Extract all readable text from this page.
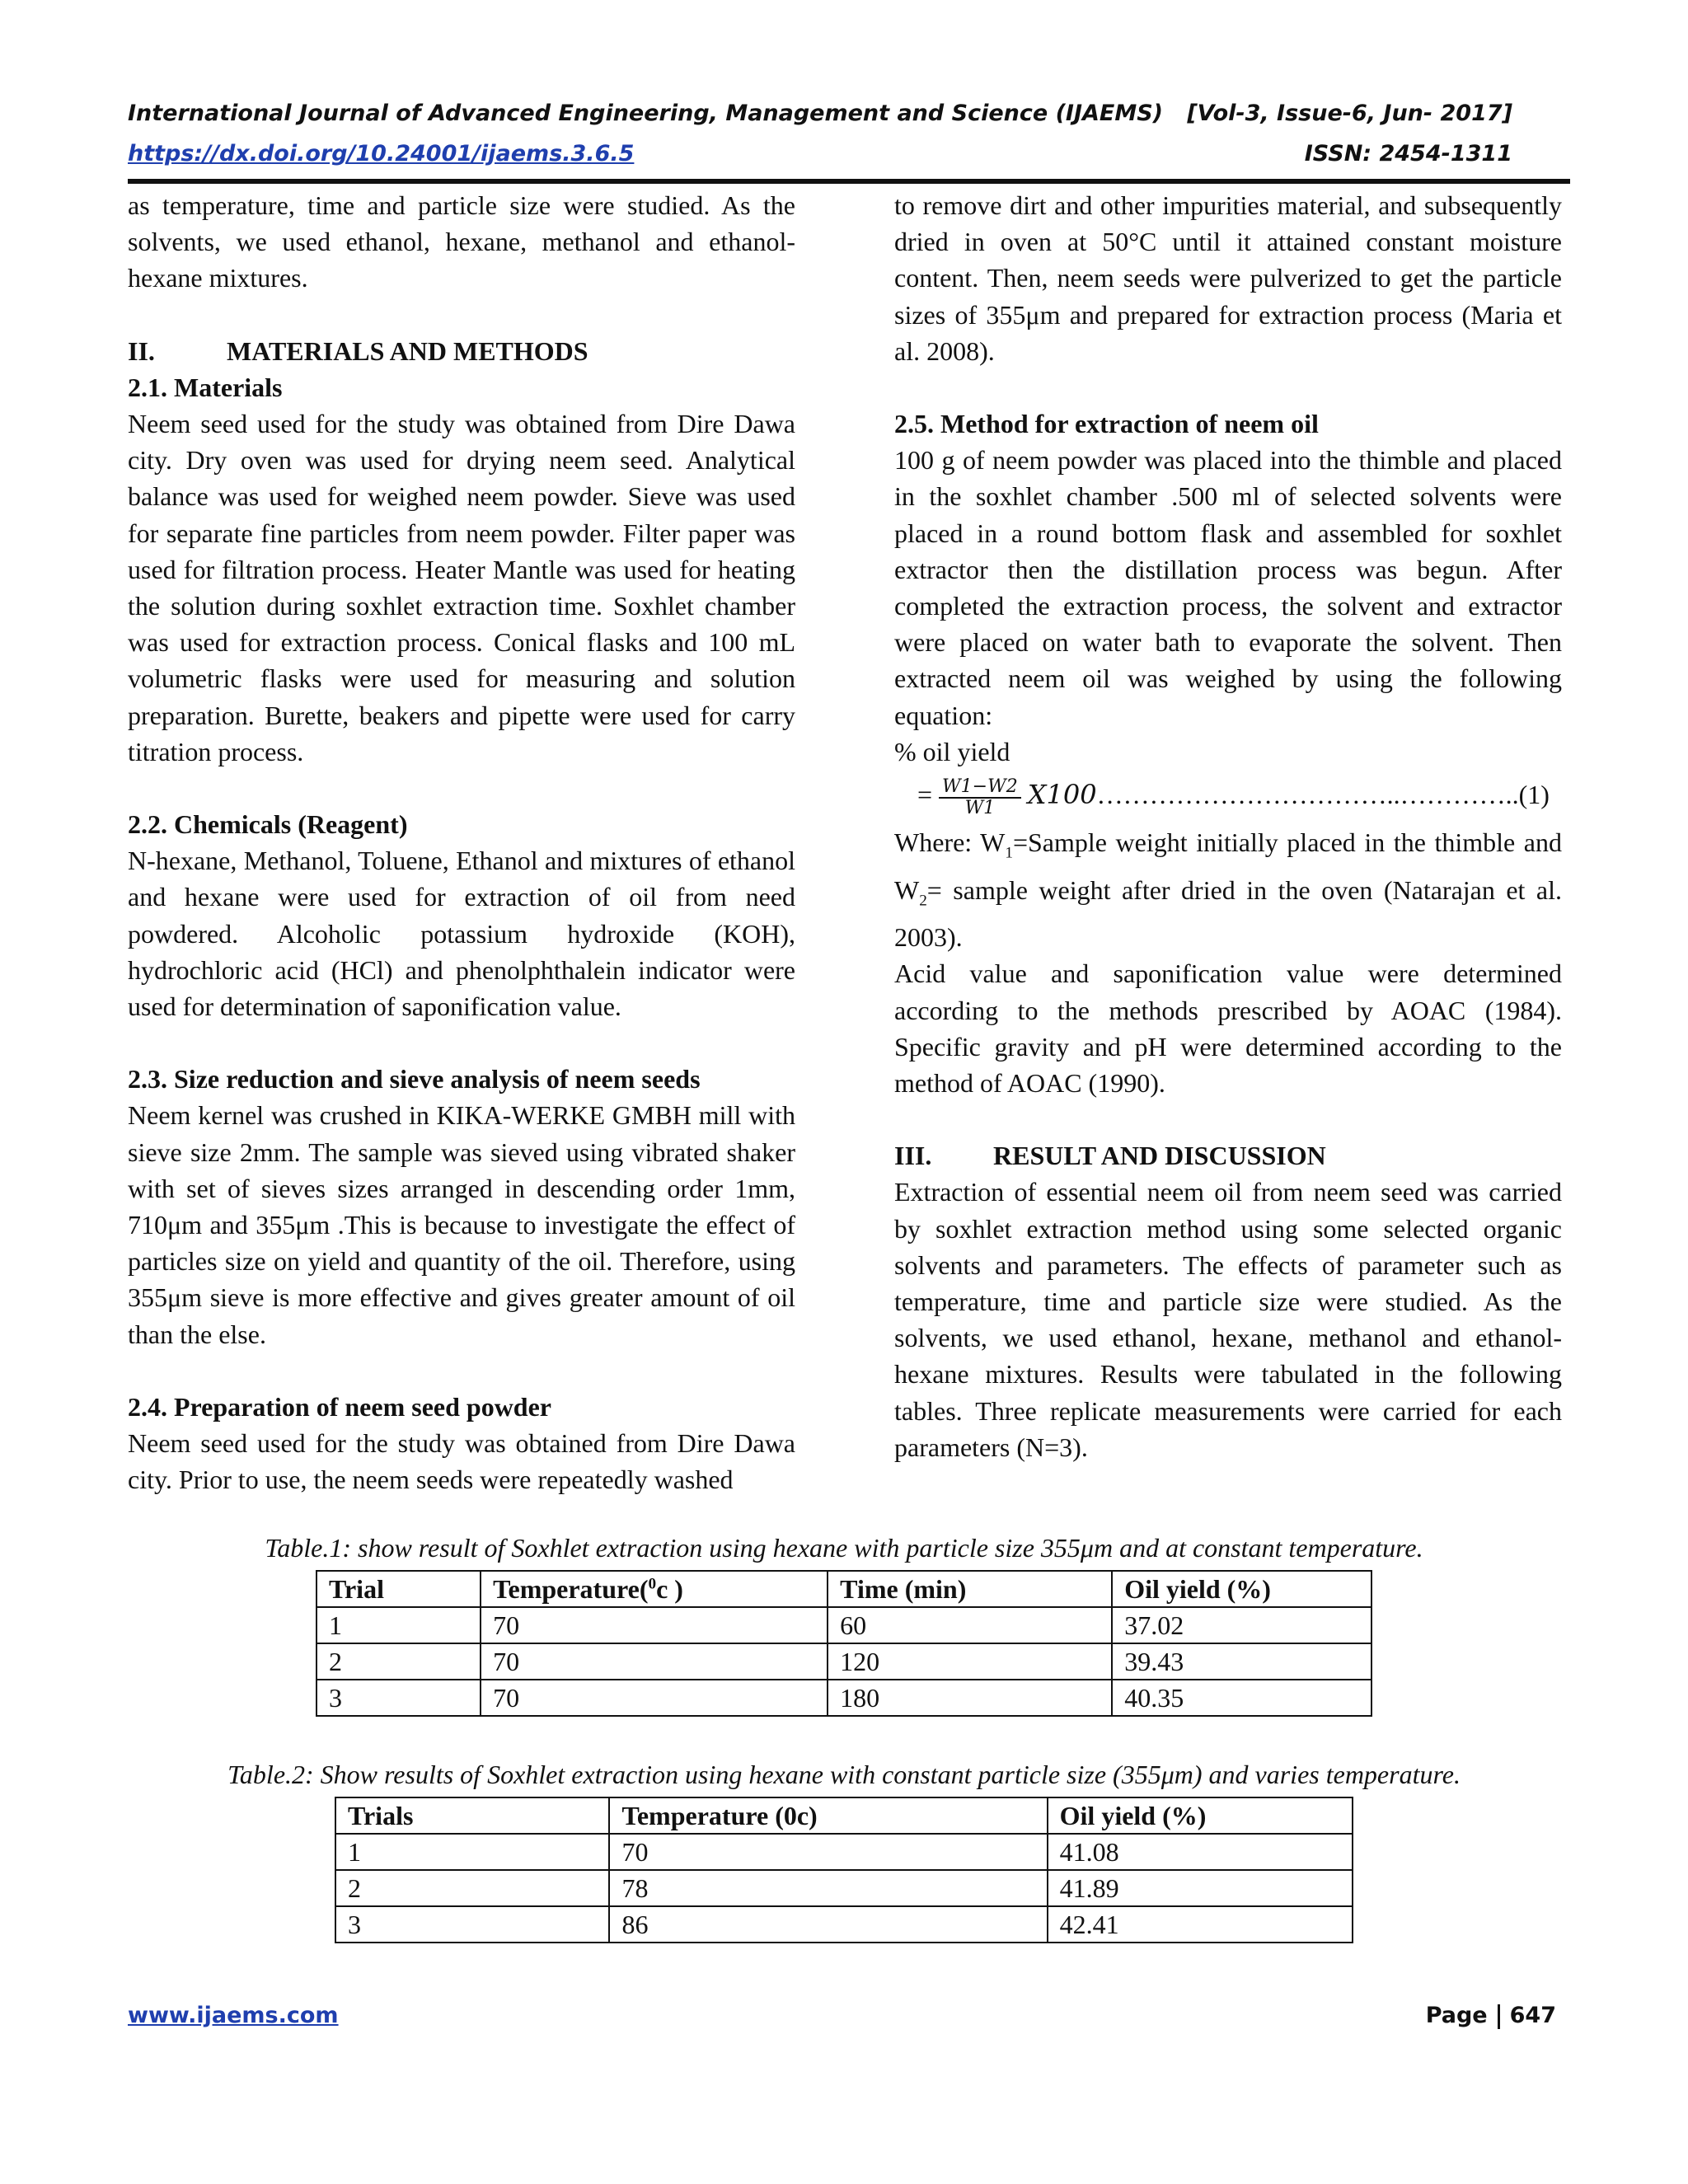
International Journal of Advanced Engineering, Management and Science (IJAEMS) [Vol-3, Issue-6, Jun- 2017]
https://dx.doi.org/10.24001/ijaems.3.6.5	ISSN: 2454-1311

as temperature, time and particle size were studied. As the solvents, we used ethanol, hexane, methanol and ethanol-hexane mixtures.

II.	MATERIALS AND METHODS

2.1. Materials

Neem seed used for the study was obtained from Dire Dawa city. Dry oven was used for drying neem seed. Analytical balance was used for weighed neem powder. Sieve was used for separate fine particles from neem powder. Filter paper was used for filtration process. Heater Mantle was used for heating the solution during soxhlet extraction time. Soxhlet chamber was used for extraction process. Conical flasks and 100 mL volumetric flasks were used for measuring and solution preparation. Burette, beakers and pipette were used for carry titration process.

2.2. Chemicals (Reagent)

N-hexane, Methanol, Toluene, Ethanol and mixtures of ethanol and hexane were used for extraction of oil from need powdered. Alcoholic potassium hydroxide (KOH), hydrochloric acid (HCl) and phenolphthalein indicator were used for determination of saponification value.

2.3. Size reduction and sieve analysis of neem seeds

Neem kernel was crushed in KIKA-WERKE GMBH mill with sieve size 2mm. The sample was sieved using vibrated shaker with set of sieves sizes arranged in descending order 1mm, 710μm and 355μm .This is because to investigate the effect of particles size on yield and quantity of the oil. Therefore, using 355μm sieve is more effective and gives greater amount of oil than the else.

2.4. Preparation of neem seed powder

Neem seed used for the study was obtained from Dire Dawa city. Prior to use, the neem seeds were repeatedly washed

to remove dirt and other impurities material, and subsequently dried in oven at 50°C until it attained constant moisture content. Then, neem seeds were pulverized to get the particle sizes of 355μm and prepared for extraction process (Maria et al. 2008).

2.5. Method for extraction of neem oil

100 g of neem powder was placed into the thimble and placed in the soxhlet chamber .500 ml of selected solvents were placed in a round bottom flask and assembled for soxhlet extractor then the distillation process was begun. After completed the extraction process, the solvent and extractor were placed on water bath to evaporate the solvent. Then extracted neem oil was weighed by using the following equation:

% oil yield

= $\frac{W1-W2}{W1}$ X100……………………………..…………..(1)

Where: $W_1=Sample$ weight initially placed in the thimble and $W_2=$ sample weight after dried in the oven (Natarajan et al. 2003).

Acid value and saponification value were determined according to the methods prescribed by AOAC (1984). Specific gravity and pH were determined according to the method of AOAC (1990).

III. RESULT AND DISCUSSION

Extraction of essential neem oil from neem seed was carried by soxhlet extraction method using some selected organic solvents and parameters. The effects of parameter such as temperature, time and particle size were studied. As the solvents, we used ethanol, hexane, methanol and ethanol-hexane mixtures. Results were tabulated in the following tables. Three replicate measurements were carried for each parameters (N=3).

Table.1: show result of Soxhlet extraction using hexane with particle size 355μm and at constant temperature.
Trial	Temperature($^0$c )	Time (min)	Oil yield (%)
1	70	60	37.02
2	70	120	39.43
3	70	180	40.35
Table.2: Show results of Soxhlet extraction using hexane with constant particle size (355μm) and varies temperature.
Trials	Temperature (0c)	Oil yield (%)
1	70	41.08
2	78	41.89
3	86	42.41
www.ijaems.com	Page 647
